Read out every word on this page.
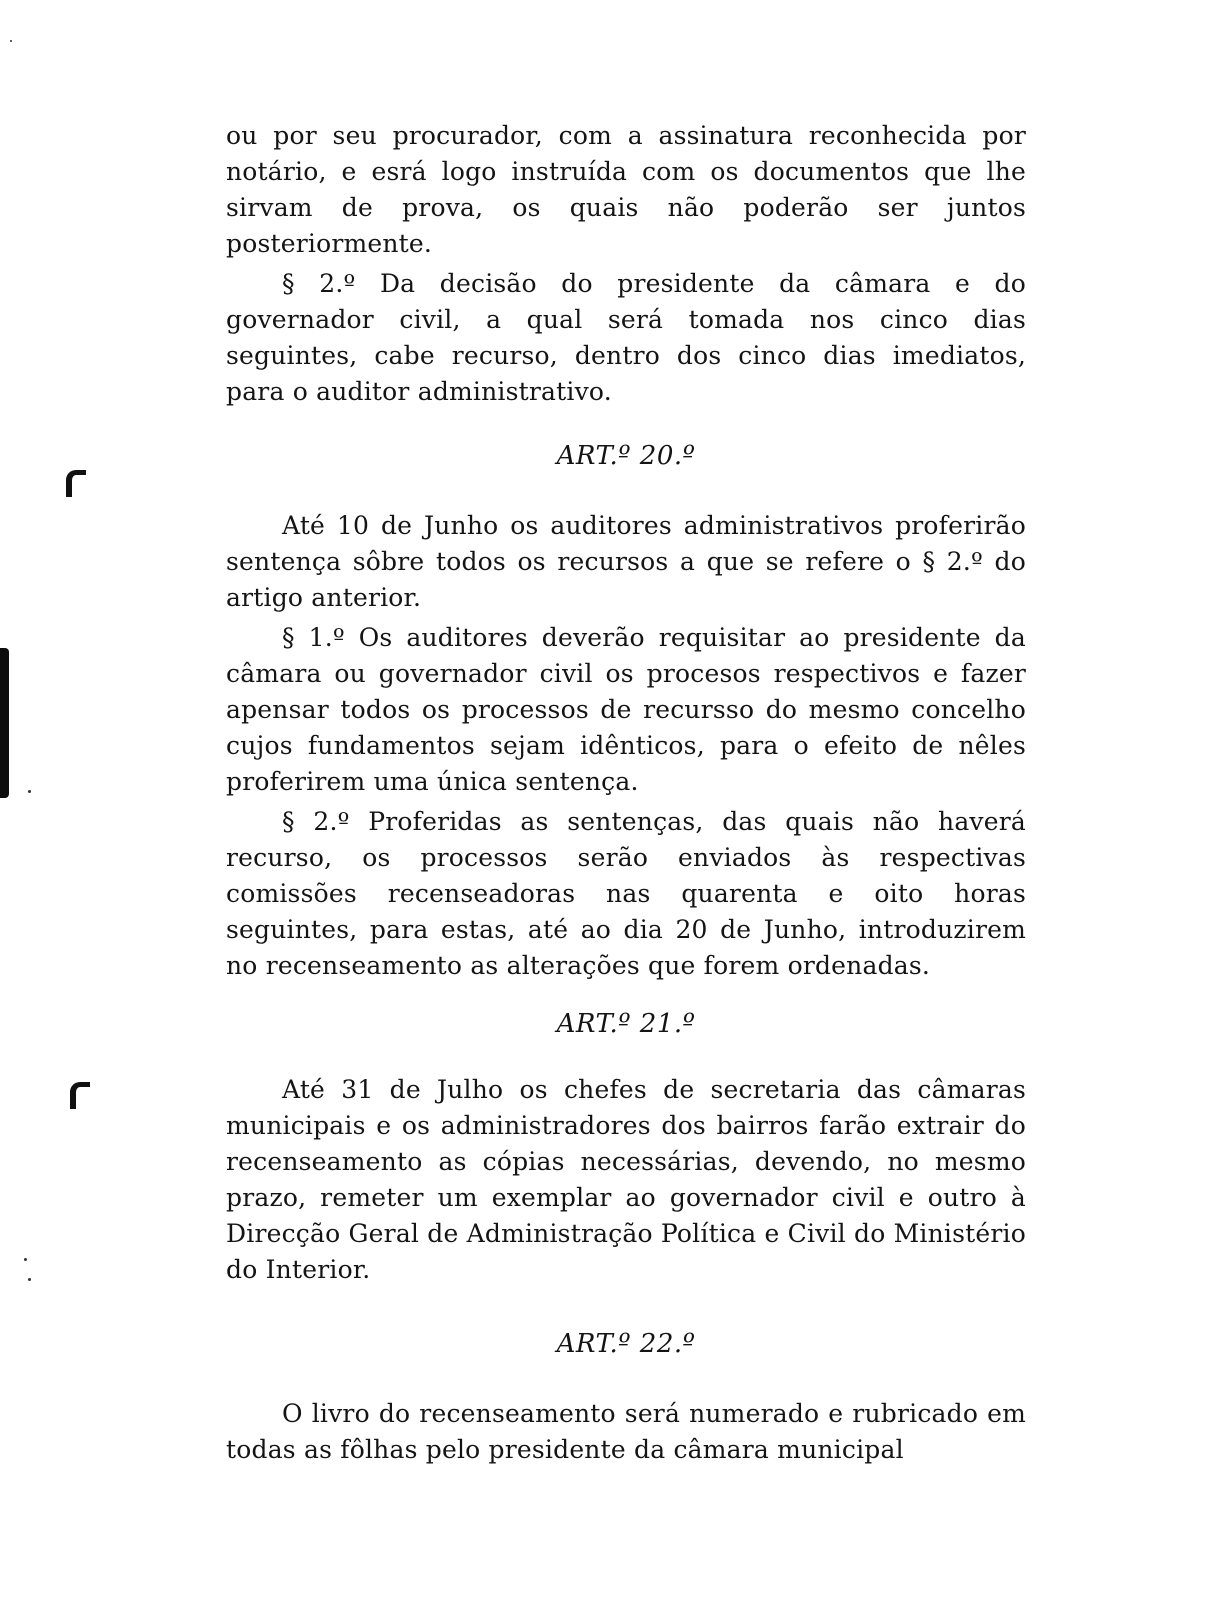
ou por seu procurador, com a assinatura reconhecida por notário, e esrá logo instruída com os documentos que lhe sirvam de prova, os quais não poderão ser juntos posteriormente.

§ 2.º Da decisão do presidente da câmara e do governador civil, a qual será tomada nos cinco dias seguintes, cabe recurso, dentro dos cinco dias imediatos, para o auditor administrativo.

ART.º 20.º

Até 10 de Junho os auditores administrativos proferirão sentença sôbre todos os recursos a que se refere o § 2.º do artigo anterior.

§ 1.º Os auditores deverão requisitar ao presidente da câmara ou governador civil os procesos respectivos e fazer apensar todos os processos de recursso do mesmo concelho cujos fundamentos sejam idênticos, para o efeito de nêles proferirem uma única sentença.

§ 2.º Proferidas as sentenças, das quais não haverá recurso, os processos serão enviados às respectivas comissões recenseadoras nas quarenta e oito horas seguintes, para estas, até ao dia 20 de Junho, introduzirem no recenseamento as alterações que forem ordenadas.

ART.º 21.º

Até 31 de Julho os chefes de secretaria das câmaras municipais e os administradores dos bairros farão extrair do recenseamento as cópias necessárias, devendo, no mesmo prazo, remeter um exemplar ao governador civil e outro à Direcção Geral de Administração Política e Civil do Ministério do Interior.

ART.º 22.º

O livro do recenseamento será numerado e rubricado em todas as fôlhas pelo presidente da câmara municipal
